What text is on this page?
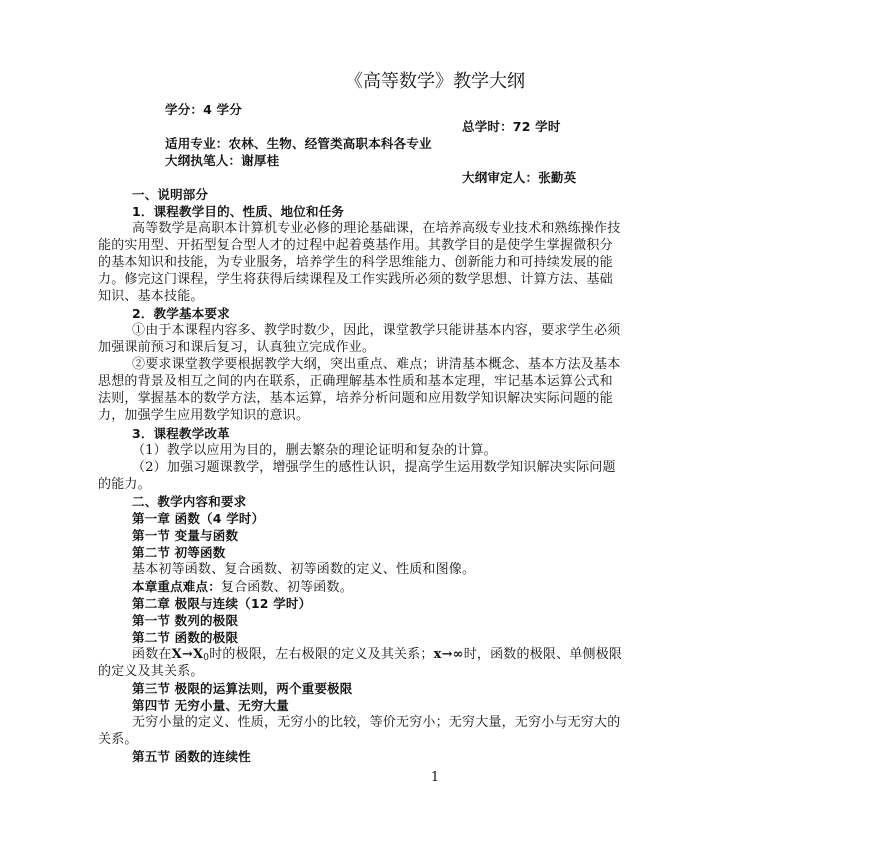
《高等数学》教学大纲
学分：4 学分
总学时：72 学时
适用专业：农林、生物、经管类高职本科各专业
大纲执笔人：谢厚桂
大纲审定人：张勤英
一、说明部分
1．课程教学目的、性质、地位和任务
高等数学是高职本计算机专业必修的理论基础课，在培养高级专业技术和熟练操作技
能的实用型、开拓型复合型人才的过程中起着奠基作用。其教学目的是使学生掌握微积分
的基本知识和技能，为专业服务，培养学生的科学思维能力、创新能力和可持续发展的能
力。修完这门课程，学生将获得后续课程及工作实践所必须的数学思想、计算方法、基础
知识、基本技能。
2．教学基本要求
①由于本课程内容多、教学时数少，因此，课堂教学只能讲基本内容，要求学生必须
加强课前预习和课后复习，认真独立完成作业。
②要求课堂教学要根据教学大纲，突出重点、难点；讲清基本概念、基本方法及基本
思想的背景及相互之间的内在联系，正确理解基本性质和基本定理，牢记基本运算公式和
法则，掌握基本的数学方法，基本运算，培养分析问题和应用数学知识解决实际问题的能
力，加强学生应用数学知识的意识。
3．课程教学改革
（1）教学以应用为目的，删去繁杂的理论证明和复杂的计算。
（2）加强习题课教学，增强学生的感性认识，提高学生运用数学知识解决实际问题
的能力。
二、教学内容和要求
第一章 函数（4 学时）
第一节 变量与函数
第二节 初等函数
基本初等函数、复合函数、初等函数的定义、性质和图像。
本章重点难点：复合函数、初等函数。
第二章 极限与连续（12 学时）
第一节 数列的极限
第二节 函数的极限
函数在$X\to X_0$时的极限，左右极限的定义及其关系；x→∞时，函数的极限、单侧极限
的定义及其关系。
第三节 极限的运算法则，两个重要极限
第四节 无穷小量、无穷大量
无穷小量的定义、性质，无穷小的比较，等价无穷小；无穷大量，无穷小与无穷大的
关系。
第五节 函数的连续性
1
